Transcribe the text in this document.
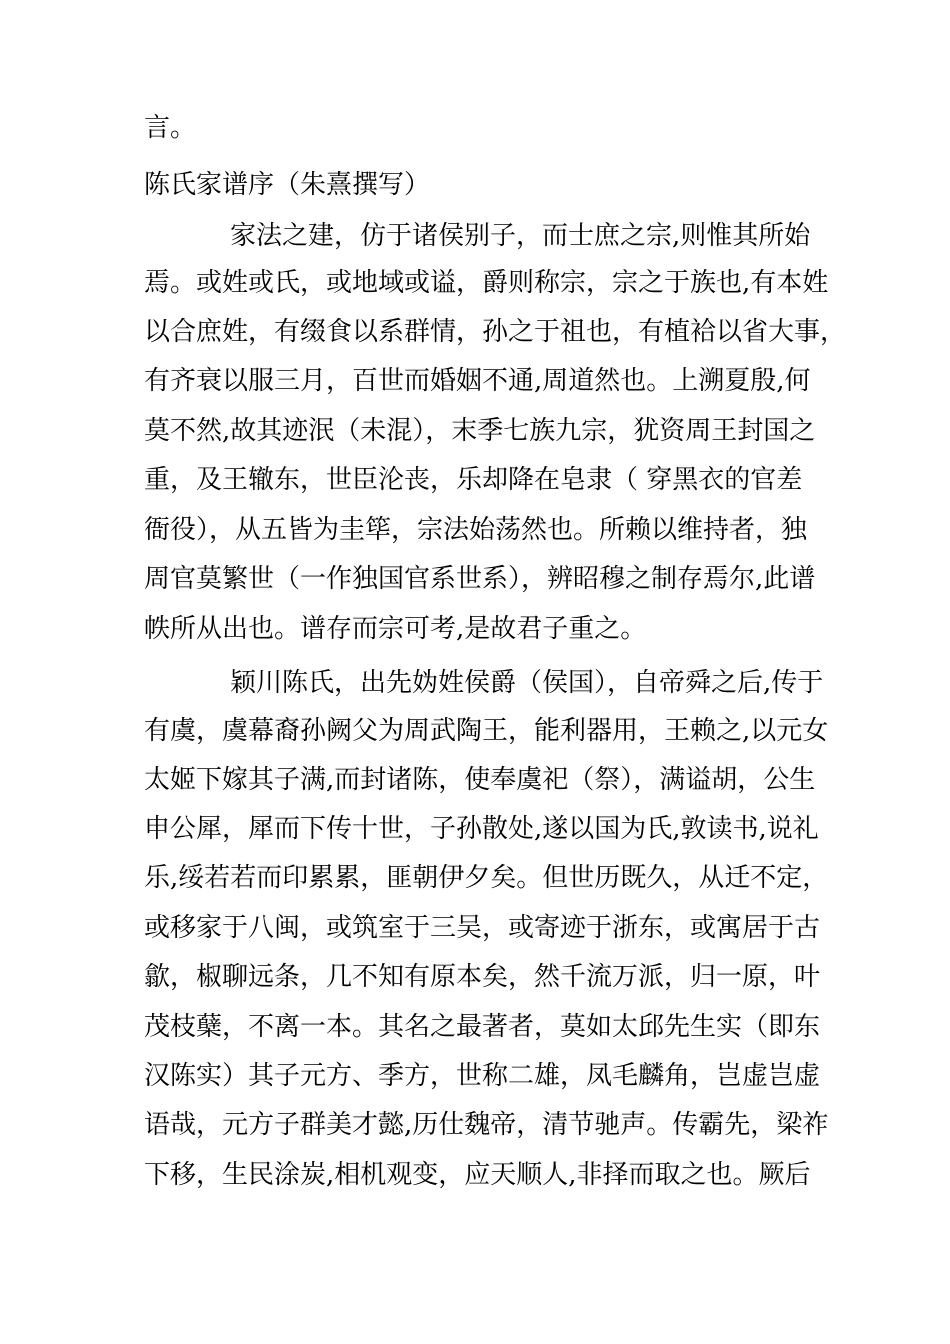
言。
陈氏家谱序（朱熹撰写）
家法之建，仿于诸侯别子，而士庶之宗,则惟其所始
焉。或姓或氏，或地域或谥，爵则称宗，宗之于族也,有本姓
以合庶姓，有缀食以系群情，孙之于祖也，有植袷以省大事，
有齐衰以服三月，百世而婚姻不通,周道然也。上溯夏殷,何
莫不然,故其迹泯（未混），末季七族九宗，犹资周王封国之
重，及王辙东，世臣沦丧，乐却降在皂隶（ 穿黑衣的官差
衙役），从五皆为圭筚，宗法始荡然也。所赖以维持者，独
周官莫繁世（一作独国官系世系），辨昭穆之制存焉尔,此谱
帙所从出也。谱存而宗可考,是故君子重之。
颖川陈氏，出先妫姓侯爵（侯国），自帝舜之后,传于
有虞，虞幕裔孙阙父为周武陶王，能利器用，王赖之,以元女
太姬下嫁其子满,而封诸陈，使奉虞祀（祭），满谥胡，公生
申公犀，犀而下传十世，子孙散处,遂以国为氏,敦读书,说礼
乐,绥若若而印累累，匪朝伊夕矣。但世历既久，从迁不定，
或移家于八闽，或筑室于三吴，或寄迹于浙东，或寓居于古
歙，椒聊远条，几不知有原本矣，然千流万派，归一原，叶
茂枝蘖，不离一本。其名之最著者，莫如太邱先生实（即东
汉陈实）其子元方、季方，世称二雄，凤毛麟角，岂虚岂虚
语哉，元方子群美才懿,历仕魏帝，清节驰声。传霸先，梁祚
下移，生民涂炭,相机观变，应天顺人,非择而取之也。厥后
